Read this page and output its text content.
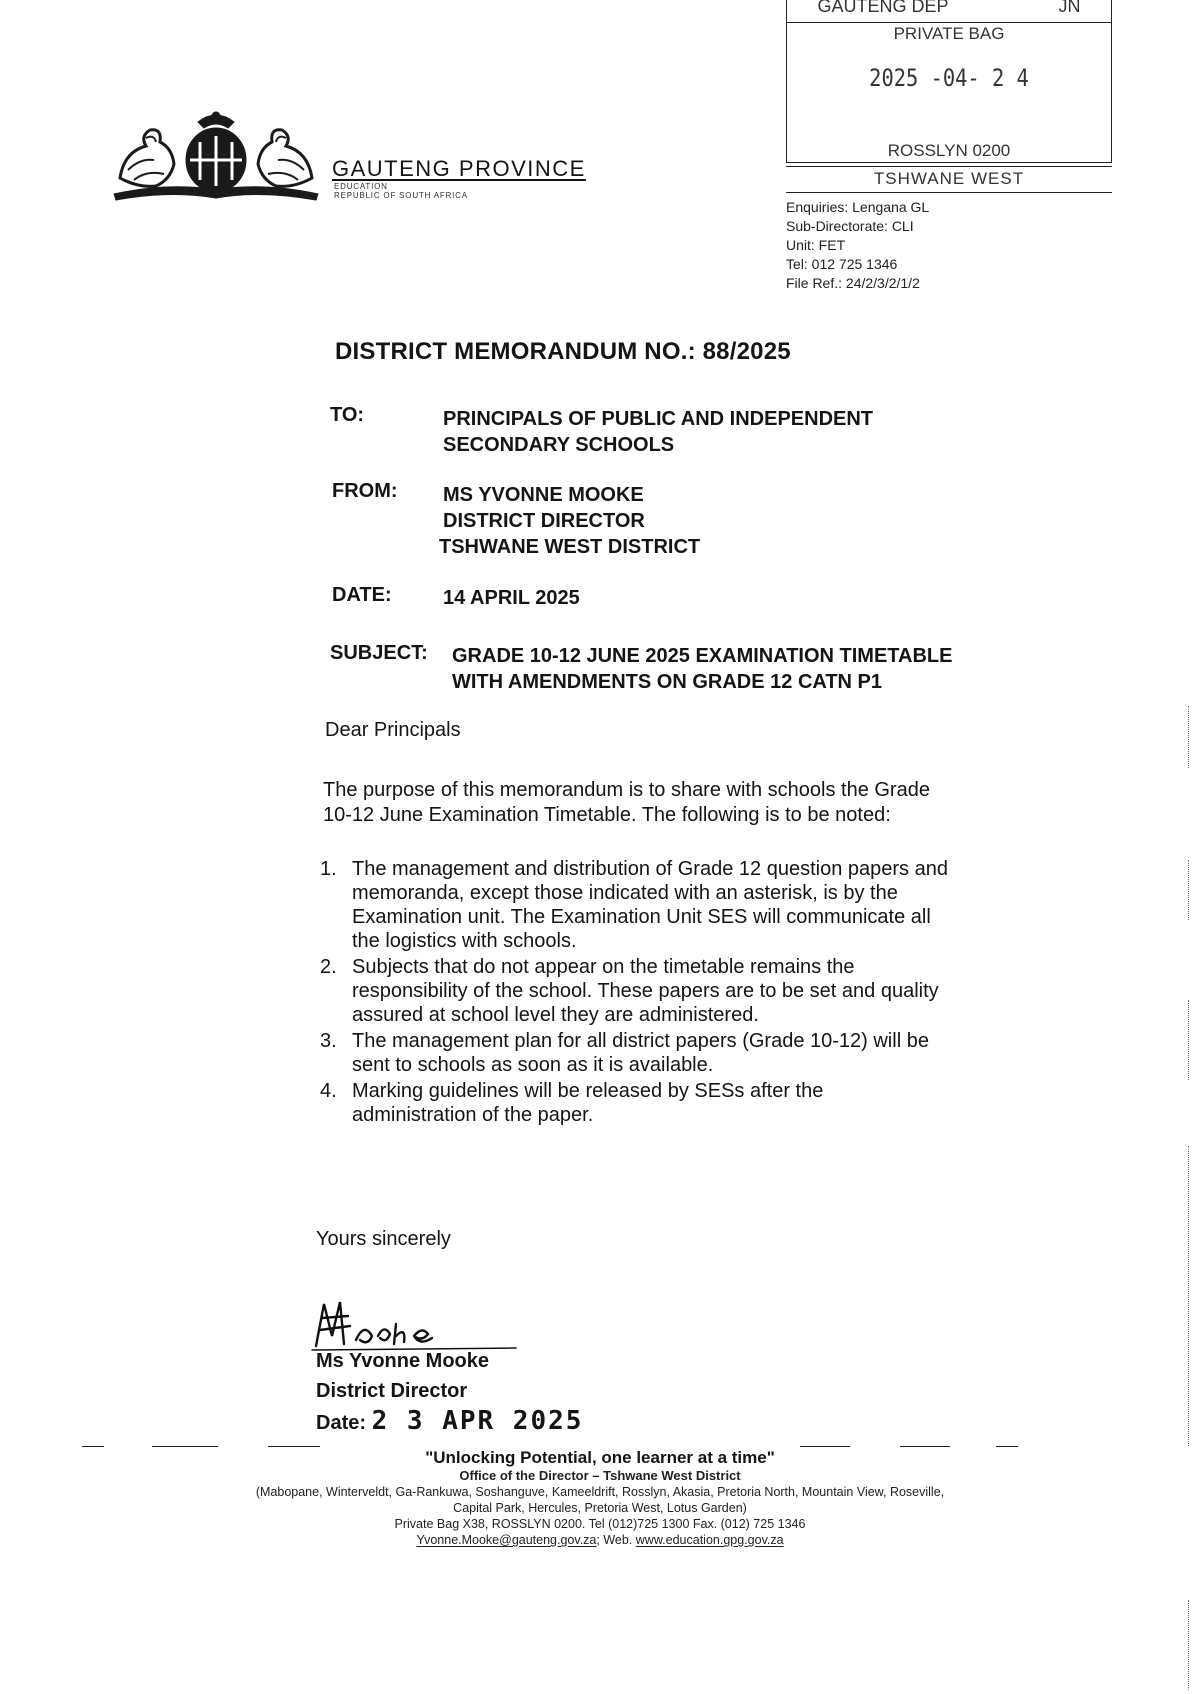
GAUTENG PROVINCE
EDUCATION
REPUBLIC OF SOUTH AFRICA
GAUTENG DEP	JN
PRIVATE BAG
2025 -04- 2 4
ROSSLYN 0200
TSHWANE WEST
Enquiries: Lengana GL
Sub-Directorate: CLI
Unit: FET
Tel: 012 725 1346
File Ref.: 24/2/3/2/1/2
DISTRICT MEMORANDUM NO.: 88/2025
TO:	PRINCIPALS OF PUBLIC AND INDEPENDENT
SECONDARY SCHOOLS
FROM: MS YVONNE MOOKE
DISTRICT DIRECTOR
TSHWANE WEST DISTRICT
DATE:	14 APRIL 2025
SUBJECT: GRADE 10-12 JUNE 2025 EXAMINATION TIMETABLE
WITH AMENDMENTS ON GRADE 12 CATN P1
Dear Principals
The purpose of this memorandum is to share with schools the Grade
10-12 June Examination Timetable. The following is to be noted:
1. The management and distribution of Grade 12 question papers and
memoranda, except those indicated with an asterisk, is by the
Examination unit. The Examination Unit SES will communicate all
the logistics with schools.
2. Subjects that do not appear on the timetable remains the
responsibility of the school. These papers are to be set and quality
assured at school level they are administered.
3. The management plan for all district papers (Grade 10-12) will be
sent to schools as soon as it is available.
4. Marking guidelines will be released by SESs after the
administration of the paper.
Yours sincerely
Ms Yvonne Mooke
District Director
Date: 2 3 APR 2025
"Unlocking Potential, one learner at a time"
Office of the Director – Tshwane West District
(Mabopane, Winterveldt, Ga-Rankuwa, Soshanguve, Kameeldrift, Rosslyn, Akasia, Pretoria North, Mountain View, Roseville,
Capital Park, Hercules, Pretoria West, Lotus Garden)
Private Bag X38, ROSSLYN 0200. Tel (012)725 1300 Fax. (012) 725 1346
Yvonne.Mooke@gauteng.gov.za; Web. www.education.gpg.gov.za
